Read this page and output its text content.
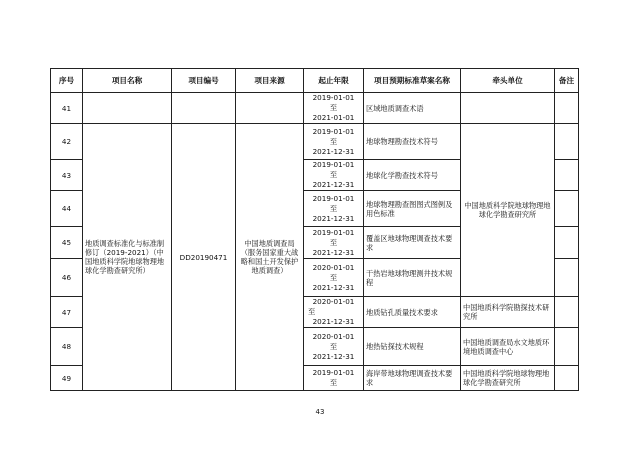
序号	项目名称	项目编号	项目来源	起止年限	项目预期标准草案名称	牵头单位	备注
41				2019-01-01
至
2021-01-01	区域地质调查术语		
42	地质调查标准化与标准制修订（2019-2021）（中国地质科学院地球物理地球化学勘查研究所）	DD20190471	中国地质调查局（服务国家重大战略和国土开发保护地质调查）	2019-01-01
至
2021-12-31	地球物理勘查技术符号	中国地质科学院地球物理地球化学勘查研究所	
43				2019-01-01
至
2021-12-31	地球化学勘查技术符号		
44				2019-01-01
至
2021-12-31	地球物理勘查图图式图例及用色标准		
45				2019-01-01
至
2021-12-31	覆盖区地球物理调查技术要求		
46				2020-01-01
至
2021-12-31	干热岩地球物理测井技术规程		
47				2020-01-01
至
2021-12-31	地质钻孔质量技术要求	中国地质科学院勘探技术研究所	
48				2020-01-01
至
2021-12-31	地热钻探技术规程	中国地质调查局水文地质环境地质调查中心	
49				2019-01-01
至	海岸带地球物理调查技术要求	中国地质科学院地球物理地球化学勘查研究所	
43
